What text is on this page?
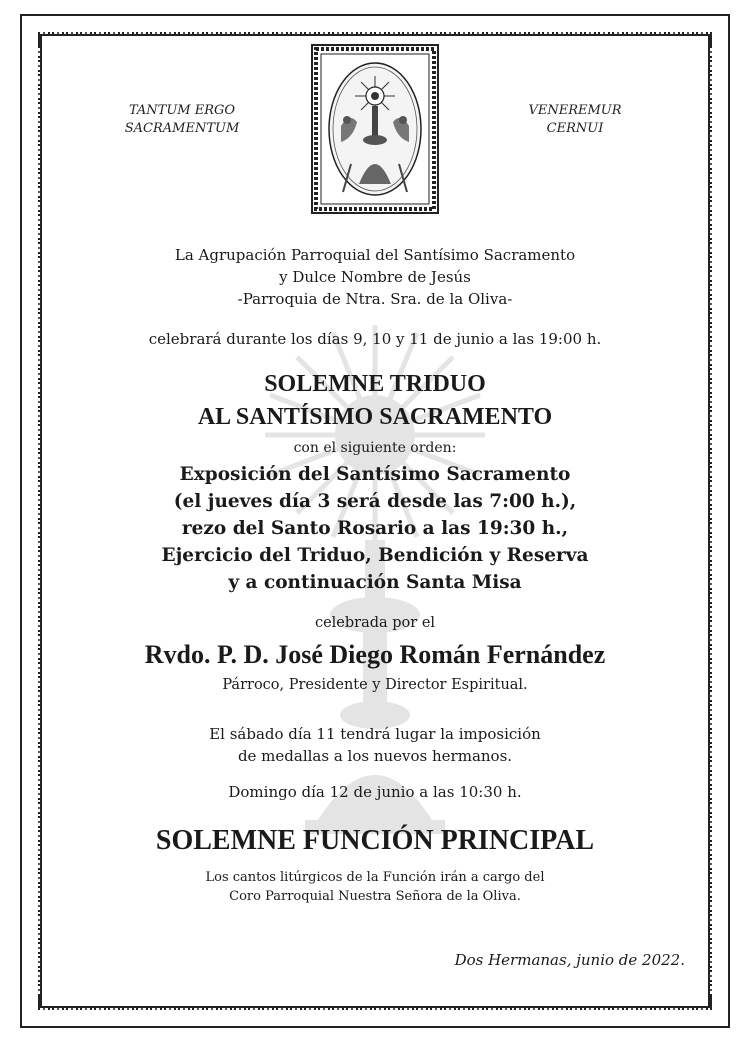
TANTUM ERGO
SACRAMENTUM
VENEREMUR
CERNUI
La Agrupación Parroquial del Santísimo Sacramento
y Dulce Nombre de Jesús
-Parroquia de Ntra. Sra. de la Oliva-
celebrará durante los días 9, 10 y 11 de junio a las 19:00 h.
SOLEMNE TRIDUO
AL SANTÍSIMO SACRAMENTO
con el siguiente orden:
Exposición del Santísimo Sacramento
(el jueves día 3 será desde las 7:00 h.),
rezo del Santo Rosario a las 19:30 h.,
Ejercicio del Triduo, Bendición y Reserva
y a continuación Santa Misa
celebrada por el
Rvdo. P. D. José Diego Román Fernández
Párroco, Presidente y Director Espiritual.
El sábado día 11 tendrá lugar la imposición
de medallas a los nuevos hermanos.
Domingo día 12 de junio a las 10:30 h.
SOLEMNE FUNCIÓN PRINCIPAL
Los cantos litúrgicos de la Función irán a cargo del
Coro Parroquial Nuestra Señora de la Oliva.
Dos Hermanas, junio de 2022.
